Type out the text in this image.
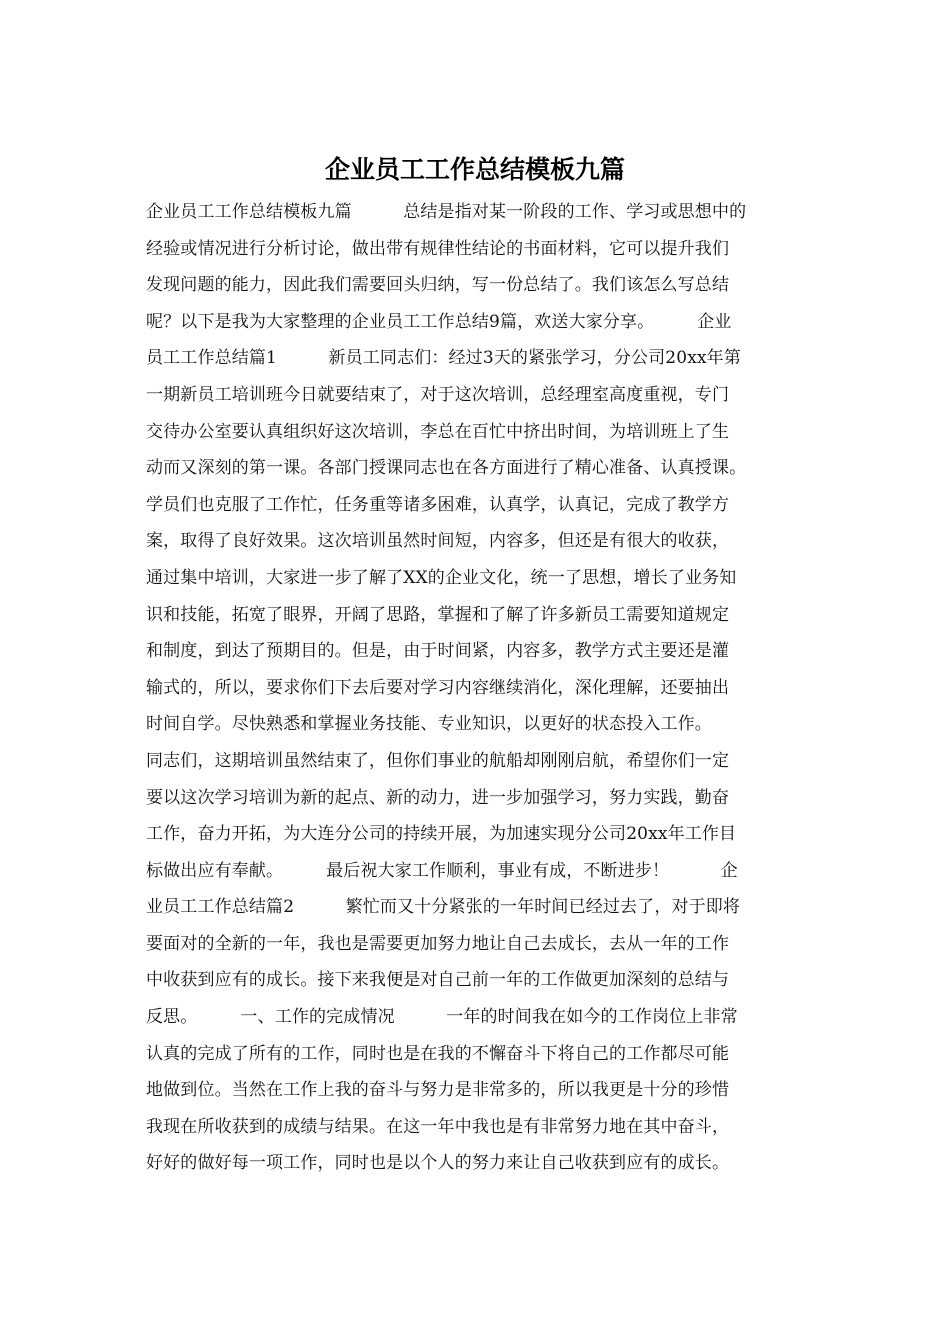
企业员工工作总结模板九篇
企业员工工作总结模板九篇　　　总结是指对某一阶段的工作、学习或思想中的
经验或情况进行分析讨论，做出带有规律性结论的书面材料，它可以提升我们
发现问题的能力，因此我们需要回头归纳，写一份总结了。我们该怎么写总结
呢？以下是我为大家整理的企业员工工作总结9篇，欢送大家分享。　　　企业
员工工作总结篇1　　　新员工同志们：经过3天的紧张学习，分公司20xx年第
一期新员工培训班今日就要结束了，对于这次培训，总经理室高度重视，专门
交待办公室要认真组织好这次培训，李总在百忙中挤出时间，为培训班上了生
动而又深刻的第一课。各部门授课同志也在各方面进行了精心准备、认真授课。
学员们也克服了工作忙，任务重等诸多困难，认真学，认真记，完成了教学方
案，取得了良好效果。这次培训虽然时间短，内容多，但还是有很大的收获，
通过集中培训，大家进一步了解了XX的企业文化，统一了思想，增长了业务知
识和技能，拓宽了眼界，开阔了思路，掌握和了解了许多新员工需要知道规定
和制度，到达了预期目的。但是，由于时间紧，内容多，教学方式主要还是灌
输式的，所以，要求你们下去后要对学习内容继续消化，深化理解，还要抽出
时间自学。尽快熟悉和掌握业务技能、专业知识，以更好的状态投入工作。
同志们，这期培训虽然结束了，但你们事业的航船却刚刚启航，希望你们一定
要以这次学习培训为新的起点、新的动力，进一步加强学习，努力实践，勤奋
工作，奋力开拓，为大连分公司的持续开展，为加速实现分公司20xx年工作目
标做出应有奉献。　　　最后祝大家工作顺利，事业有成，不断进步！　　　企
业员工工作总结篇2　　　繁忙而又十分紧张的一年时间已经过去了，对于即将
要面对的全新的一年，我也是需要更加努力地让自己去成长，去从一年的工作
中收获到应有的成长。接下来我便是对自己前一年的工作做更加深刻的总结与
反思。　　　一、工作的完成情况　　　一年的时间我在如今的工作岗位上非常
认真的完成了所有的工作，同时也是在我的不懈奋斗下将自己的工作都尽可能
地做到位。当然在工作上我的奋斗与努力是非常多的，所以我更是十分的珍惜
我现在所收获到的成绩与结果。在这一年中我也是有非常努力地在其中奋斗，
好好的做好每一项工作，同时也是以个人的努力来让自己收获到应有的成长。
